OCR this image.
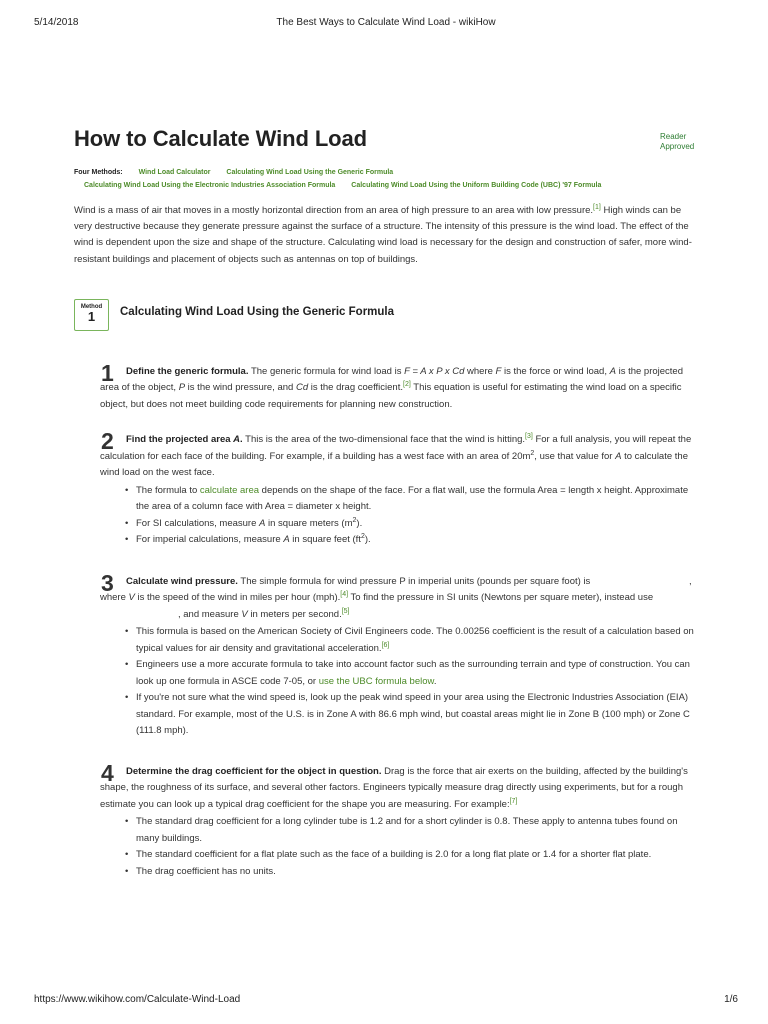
5/14/2018	The Best Ways to Calculate Wind Load - wikiHow
How to Calculate Wind Load	Reader
Approved
Four Methods: Wind Load Calculator Calculating Wind Load Using the Generic Formula
Calculating Wind Load Using the Electronic Industries Association Formula Calculating Wind Load Using the Uniform Building Code (UBC) '97 Formula

Wind is a mass of air that moves in a mostly horizontal direction from an area of high pressure to an area with low pressure.[1] High winds can be very destructive because they generate pressure against the surface of a structure. The intensity of this pressure is the wind load. The effect of the wind is dependent upon the size and shape of the structure. Calculating wind load is necessary for the design and construction of safer, more wind-resistant buildings and placement of objects such as antennas on top of buildings.

Method
1	Calculating Wind Load Using the Generic Formula
1	Define the generic formula. The generic formula for wind load is F = A x P x Cd where F is the force or wind load, A is the projected area of the object, P is the wind pressure, and Cd is the drag coefficient.[2] This equation is useful for estimating the wind load on a specific object, but does not meet building code requirements for planning new construction.

2	Find the projected area A. This is the area of the two-dimensional face that the wind is hitting.[3] For a full analysis, you will repeat the calculation for each face of the building. For example, if a building has a west face with an area of $20m^2$, use that value for A to calculate the wind load on the west face.

• The formula to calculate area depends on the shape of the face. For a flat wall, use the formula Area = length x height. Approximate the area of a column face with Area = diameter x height.
• For SI calculations, measure A in square meters $(m^2)$.
• For imperial calculations, measure A in square feet $(ft^2)$.
3	Calculate wind pressure. The simple formula for wind pressure P in imperial units (pounds per square foot) is	, where V is the speed of the wind in miles per hour (mph).[4] To find the pressure in SI units (Newtons per square meter), instead use , and measure V in meters per second.[5]

• This formula is based on the American Society of Civil Engineers code. The 0.00256 coefficient is the result of a calculation based on typical values for air density and gravitational acceleration.[6]
• Engineers use a more accurate formula to take into account factor such as the surrounding terrain and type of construction. You can look up one formula in ASCE code 7-05, or use the UBC formula below.
• If you're not sure what the wind speed is, look up the peak wind speed in your area using the Electronic Industries Association (EIA) standard. For example, most of the U.S. is in Zone A with 86.6 mph wind, but coastal areas might lie in Zone B (100 mph) or Zone C (111.8 mph).
4	Determine the drag coefficient for the object in question. Drag is the force that air exerts on the building, affected by the building's shape, the roughness of its surface, and several other factors. Engineers typically measure drag directly using experiments, but for a rough estimate you can look up a typical drag coefficient for the shape you are measuring. For example:[7]

• The standard drag coefficient for a long cylinder tube is 1.2 and for a short cylinder is 0.8. These apply to antenna tubes found on many buildings.
• The standard coefficient for a flat plate such as the face of a building is 2.0 for a long flat plate or 1.4 for a shorter flat plate.
• The drag coefficient has no units.
https://www.wikihow.com/Calculate-Wind-Load	1/6
